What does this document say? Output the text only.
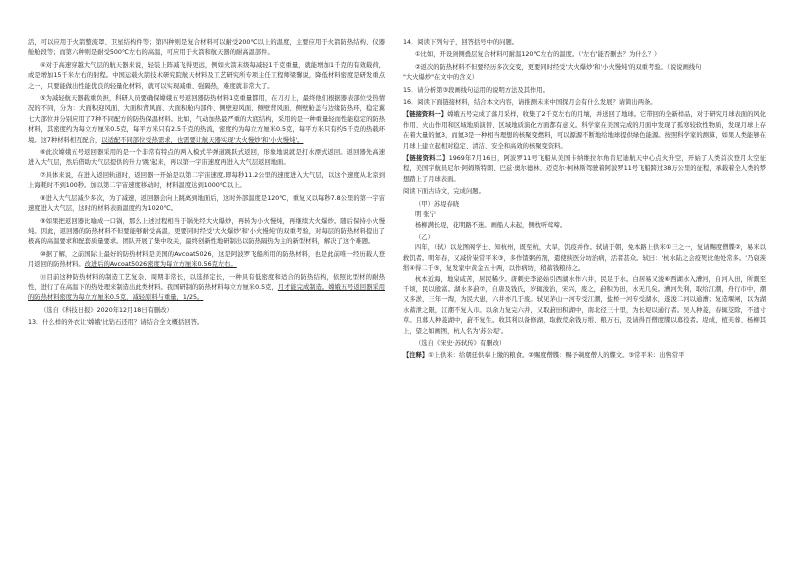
活，可以应用于火箭整流罩、卫星结构件等；第四种则是复合材料可以耐受200℃以上的温度，主要应用于火箭防热结构、仪器舱舱段等；而第六种则是耐受500℃左右的高温，可应用于火箭和航天器的耐高温部件。

④对于高速穿越大气层的航天器来说，轻装上阵减飞得更远，例如火箭末级每减轻1千克重量，就能增加1千克的有效载荷，或是增加15千米左右的射程。中国运载火箭技术研究院航天材料及工艺研究所专项主任工程师梁馨说，降低材料密度是研发重点之一，只要能做出性能优良的轻量化材料，就可以实现减重、强隔热，难度就非常大了。

⑤为减轻航天器载重负担，科研人员要确保嫦娥五号返回器防热材料1克重量都用，在刀刃上，最终他们根据器表部位受热情况的不同，分为：大面积迎风面、大面积背风面、大面积舱内部件、侧壁迎风面、侧壁背风面、侧壁舱盖与边缘防热环，稳定翼七大部位并分别应用了7种不同配方的防热保温材料。比如，气动加热最严重的大底结构，采用的是一种重量轻而性能稳定的防热材料，其密度约为每立方厘米0.5克，每平方米只有2.5千克的热流，密度约为每立方厘米0.5克，每平方米只有约5千克的热载环境。这7种材料相互配合，以适配不同部位受热需求，也需要让航天器实现'大火慢炒'和'小火慢炖'。

⑥此次嫦娥五号返回器采用的是一个非常有特点的两入模式半弹道跳跃式返回，形象地说就是打水漂式返回。返回器先高速进入大气层，然后借助大气层提供的升力'跳'起来，再以第一宇宙速度再进入大气层返回地面。

⑦具体来说，在进入返回轨道时，返回器一开始是以第二宇宙速度,即每秒11.2公里的速度进入大气层，以这个速度从北京到上海耗时不到100秒。加以第二宇宙速度移动时，材料温度达到1000℃以上。

⑧进入大气层减少多次，为了减速，返回器会向上跳离到地面后，这时外部温度是120℃，重复又以每秒7.8公里的第一宇宙速度进入大气层，这时的材料表面温度约为1020℃。

⑨如果把返回器比喻成一口锅，那么上述过程相当于锅先经大火爆炒，再转为小火慢炖，再继续大火爆炒。随后保持小火慢炖。因此，返回器的防热材料不但要能够耐受高温，更要同时经受'大火爆炒'和'小火慢炖'的双重考验，对每层的防热材料提出了极高的高温要求和配套质量要求。团队开展了集中攻关，最终创新性地研制出以防热隔热为主的新型材料，解决了这个难题。

⑩据了解，之前国际上最好的防热材料是美国的Avcoat5026，这是阿波罗飞船所用的防热材料，也是此前唯一经历载人登月返回的防热材料。改进后的Avcoat5026密度为每立方厘米0.56克左右。

⑪目前这种防热材料的制造工艺复杂、周期非常长，以选择定长，一种具有低密度和适合的防热结构，依照比型材的耐热性，进行了在高温下的热处理来制造出此类材料。我国研制的防热材料每立方厘米0.5克，月才能完成制造。嫦娥五号返回器采用的防热材料密度为每立方厘米0.5克，减轻原料与重量，1/25。

（选自《科技日报》2020年12月18日有删改）

13．什么样的外衣让'嫦娥'比钻石还用？请结合全文概括回答。

14．阅读下列句子，回答括号中的问题。

①比如，开设剑侧叠层复合材料可耐温120℃左右的温度。（'左右'能否删去？为什么？）

②返次的防热材料不但要经历多次交变，更要同时经受'大火爆炒'和'小火慢炖'的双重考验。（说说画线句

"大火爆炒"在文中的含义）

15．请分析第③段画线句运用的说明方法及其作用。

16．阅读下面链接材料，结合本文内容，请推测未来中国探月会有什么发展？请简出两条。

【链接资料一】嫦娥五号完成了落月采样，收集了2千克左右的月壤，并送回了地球。它带回的全新样品，对于研究月球表面的风化作用、火山作用和区域地质演替、区域地质演化方面都有意义。科学家在美国完成的月面中发现了孤寒较软性物质，发现月球上存在着大量的氦3，而氦3是一种相当理想的核聚变燃料，可以源源不断地给地球提供绿色能源。按照科学家的测算，如果人类能够在月球上建立起相对稳定、清洁、安全和高效的核聚变资料。

【链接资料二】1969年7月16日，阿波罗11号飞船从美国卡纳维拉尔角肯尼迪航天中心点火升空，开始了人类首次登月太空征程，美国宇航员尼尔·阿姆斯特朗、巴兹·奥尔德林、迈克尔·柯林斯驾驶着阿波罗11号飞船跨过38万公里的征程，承载着全人类的梦想踏上了月球表面。

阅读下面古诗文，完成问题。

（甲）苏堤春晓

明 张宁

杨柳满长堤，花明路不迷。画船人未起，侧枕听莺啼。

（乙）

四年，（轼）以龙图阁学士、知杭州，既至杭，大旱，饥疫并作。轼请于朝，免本路上供米①三之一，复请赐度僧牒②，易米以救饥者。明年春，又减价粜常平米③，多作馇粥药剂，遣使挟医分坊治病，活者甚众。轼曰：'杭水陆之会疫死比他处常多。'乃裒羡缗④得二千⑤，复发家中黄金五十两，以作病坊，稍蓄钱粮待之。

杭本近海，地泉咸苦，居民稀少。唐刺史李泌始引西湖水作六井，民足于水。白居易又浚⑥西湖水入漕河，自河入田，所溉至千顷，民以殷富。湖水多葑⑦，自唐及钱氏，岁辄浚治，宋兴，废之，葑积为田，水无几矣。漕河失利，取给江潮，舟行市中，潮又多淤，三年一淘，为民大患，六井亦几于废。轼见茅山一河专受江潮，盐桥一河专受湖水，遂浚二河以通漕；复造堰闸，以为湖水蓄泄之限，江潮不复入市。以余力复完六井，又取葑田积湖中，南北径三十里，为长堤以通行者。吴人种菱，春辄芟除，不遗寸草。且募人种菱湖中，葑不复生。收其利以备修湖，取救荒余钱万缗、粮万石，及请得百僧度牒以募役者。堤成，植芙蓉、杨柳其上，望之如画图，杭人名为'苏公堤'。

（选自《宋史·苏轼传》有删改）

【注释】①上供米：给朝廷供奉上缴的粮食。②赐度僧牒：赐予剃度僧人的牒文。③常平米：出售常平
